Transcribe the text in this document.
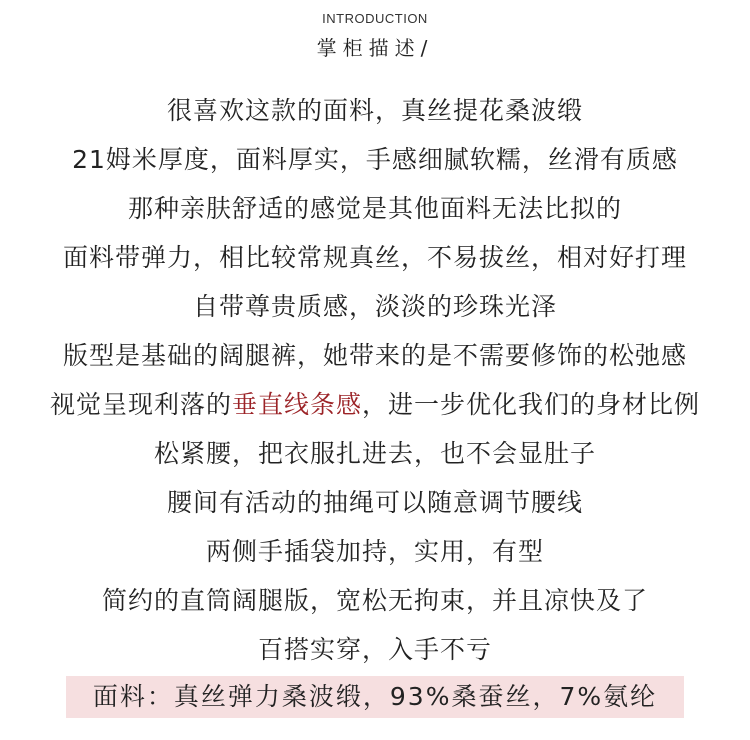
INTRODUCTION
掌柜描述/
很喜欢这款的面料，真丝提花桑波缎
21姆米厚度，面料厚实，手感细腻软糯，丝滑有质感
那种亲肤舒适的感觉是其他面料无法比拟的
面料带弹力，相比较常规真丝，不易拔丝，相对好打理
自带尊贵质感，淡淡的珍珠光泽
版型是基础的阔腿裤，她带来的是不需要修饰的松弛感
视觉呈现利落的垂直线条感，进一步优化我们的身材比例
松紧腰，把衣服扎进去，也不会显肚子
腰间有活动的抽绳可以随意调节腰线
两侧手插袋加持，实用，有型
简约的直筒阔腿版，宽松无拘束，并且凉快及了
百搭实穿，入手不亏
面料：真丝弹力桑波缎，93%桑蚕丝，7%氨纶
